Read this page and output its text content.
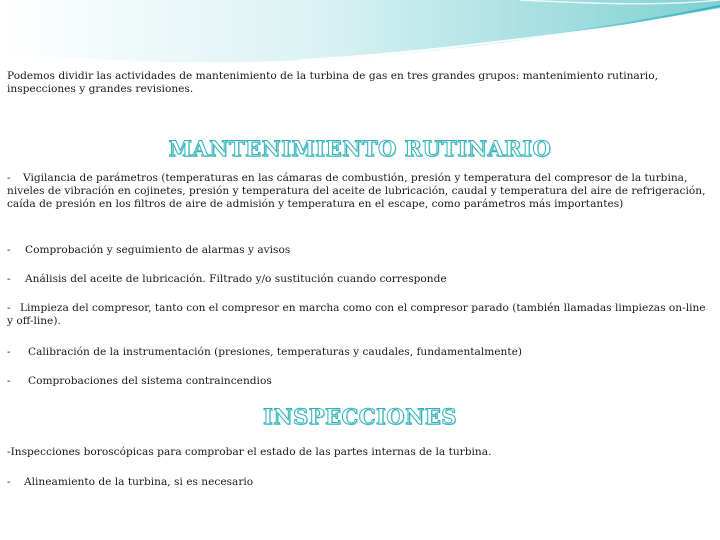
Podemos dividir las actividades de mantenimiento de la turbina de gas en tres grandes grupos: mantenimiento rutinario, inspecciones y grandes revisiones.

MANTENIMIENTO RUTINARIO
-	Vigilancia de parámetros (temperaturas en las cámaras de combustión, presión y temperatura del compresor de la turbina, niveles de vibración en cojinetes, presión y temperatura del aceite de lubricación, caudal y temperatura del aire de refrigeración, caída de presión en los filtros de aire de admisión y temperatura en el escape, como parámetros más importantes)

- Comprobación y seguimiento de alarmas y avisos

- Análisis del aceite de lubricación. Filtrado y/o sustitución cuando corresponde

- Limpieza del compresor, tanto con el compresor en marcha como con el compresor parado (también llamadas limpiezas on-line y off-line).

- Calibración de la instrumentación (presiones, temperaturas y caudales, fundamentalmente)

- Comprobaciones del sistema contraincendios

INSPECCIONES

-Inspecciones boroscópicas para comprobar el estado de las partes internas de la turbina.

- Alineamiento de la turbina, si es necesario
